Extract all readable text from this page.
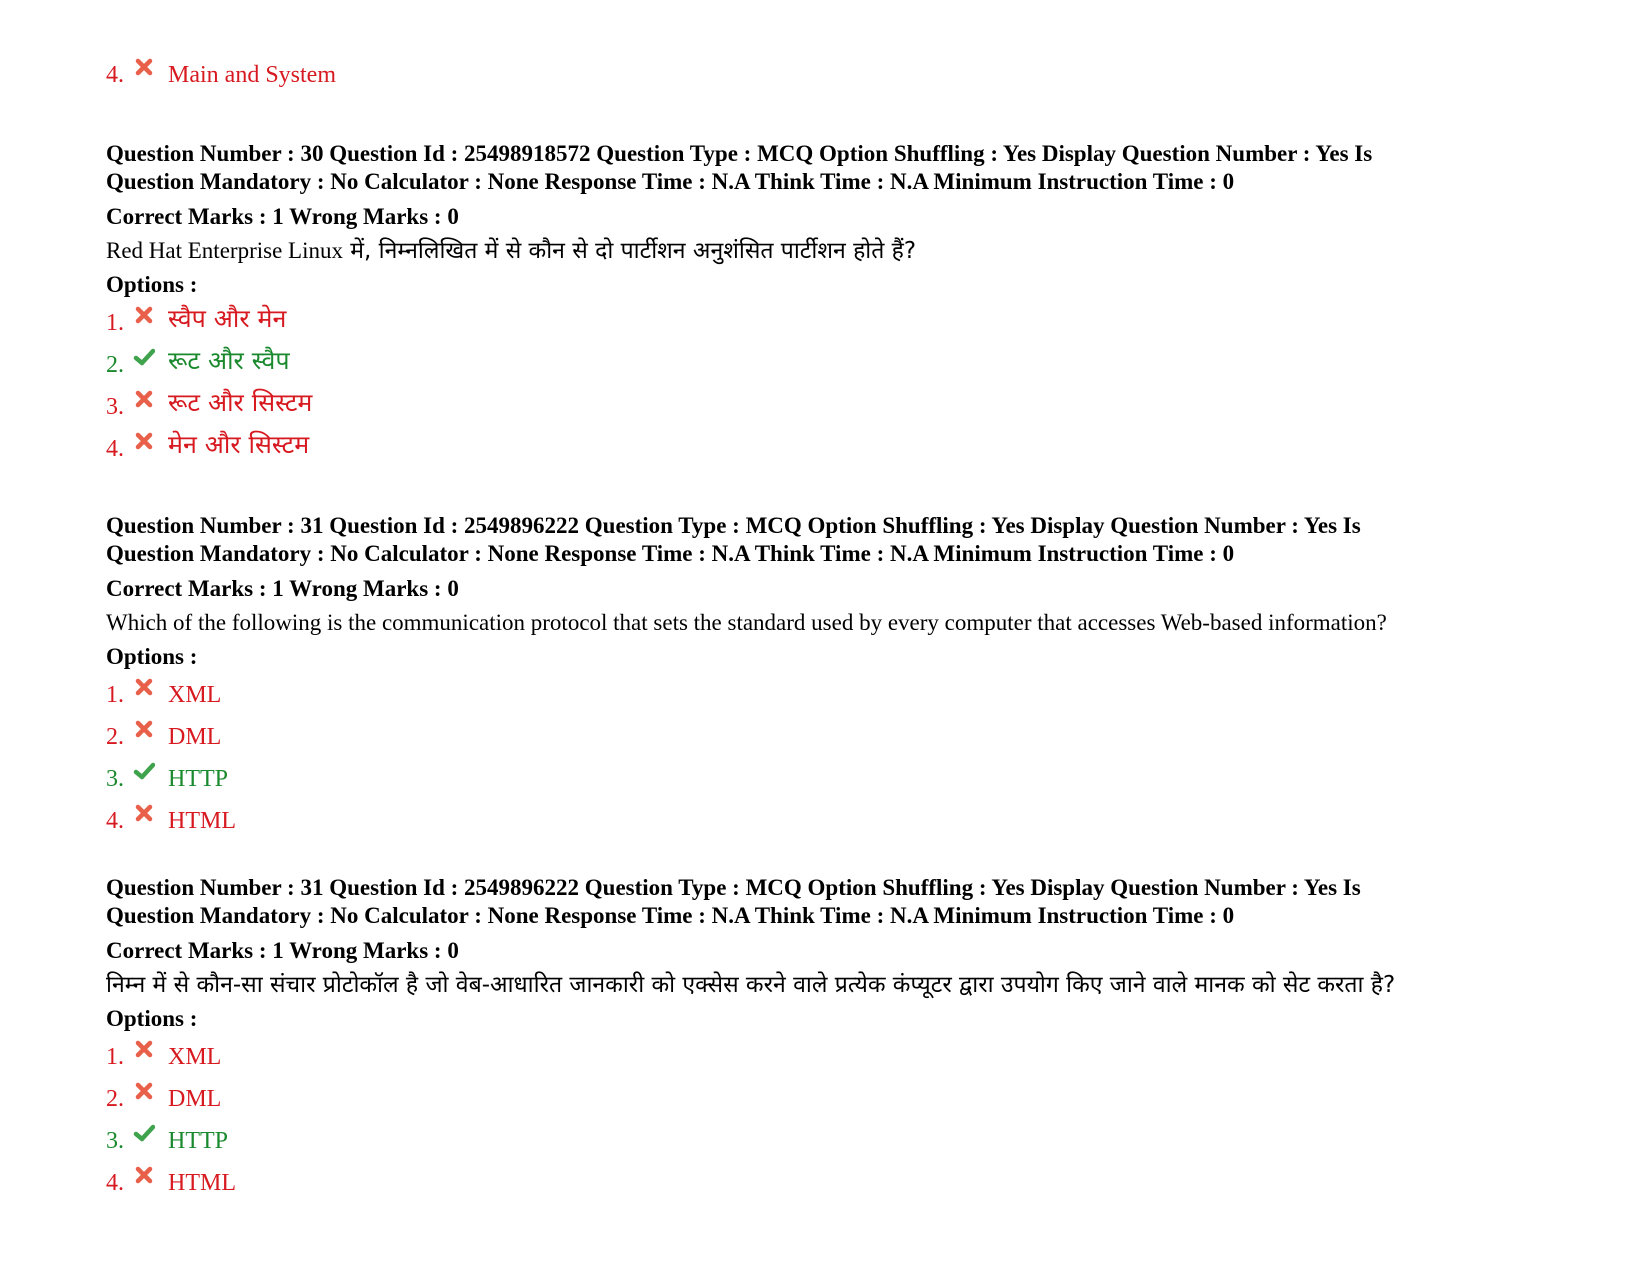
4.	Main and System
Question Number : 30 Question Id : 25498918572 Question Type : MCQ Option Shuffling : Yes Display Question Number : Yes Is
Question Mandatory : No Calculator : None Response Time : N.A Think Time : N.A Minimum Instruction Time : 0
Correct Marks : 1 Wrong Marks : 0
Red Hat Enterprise Linux में, निम्नलिखित में से कौन से दो पार्टीशन अनुशंसित पार्टीशन होते हैं?
Options :
1.	स्वैप और मेन
2.	रूट और स्वैप
3.	रूट और सिस्टम
4.	मेन और सिस्टम
Question Number : 31 Question Id : 2549896222 Question Type : MCQ Option Shuffling : Yes Display Question Number : Yes Is
Question Mandatory : No Calculator : None Response Time : N.A Think Time : N.A Minimum Instruction Time : 0
Correct Marks : 1 Wrong Marks : 0
Which of the following is the communication protocol that sets the standard used by every computer that accesses Web-based information?
Options :
1.	XML
2.	DML
3.	HTTP
4.	HTML
Question Number : 31 Question Id : 2549896222 Question Type : MCQ Option Shuffling : Yes Display Question Number : Yes Is
Question Mandatory : No Calculator : None Response Time : N.A Think Time : N.A Minimum Instruction Time : 0
Correct Marks : 1 Wrong Marks : 0
निम्न में से कौन-सा संचार प्रोटोकॉल है जो वेब-आधारित जानकारी को एक्सेस करने वाले प्रत्येक कंप्यूटर द्वारा उपयोग किए जाने वाले मानक को सेट करता है?
Options :
1.	XML
2.	DML
3.	HTTP
4.	HTML
